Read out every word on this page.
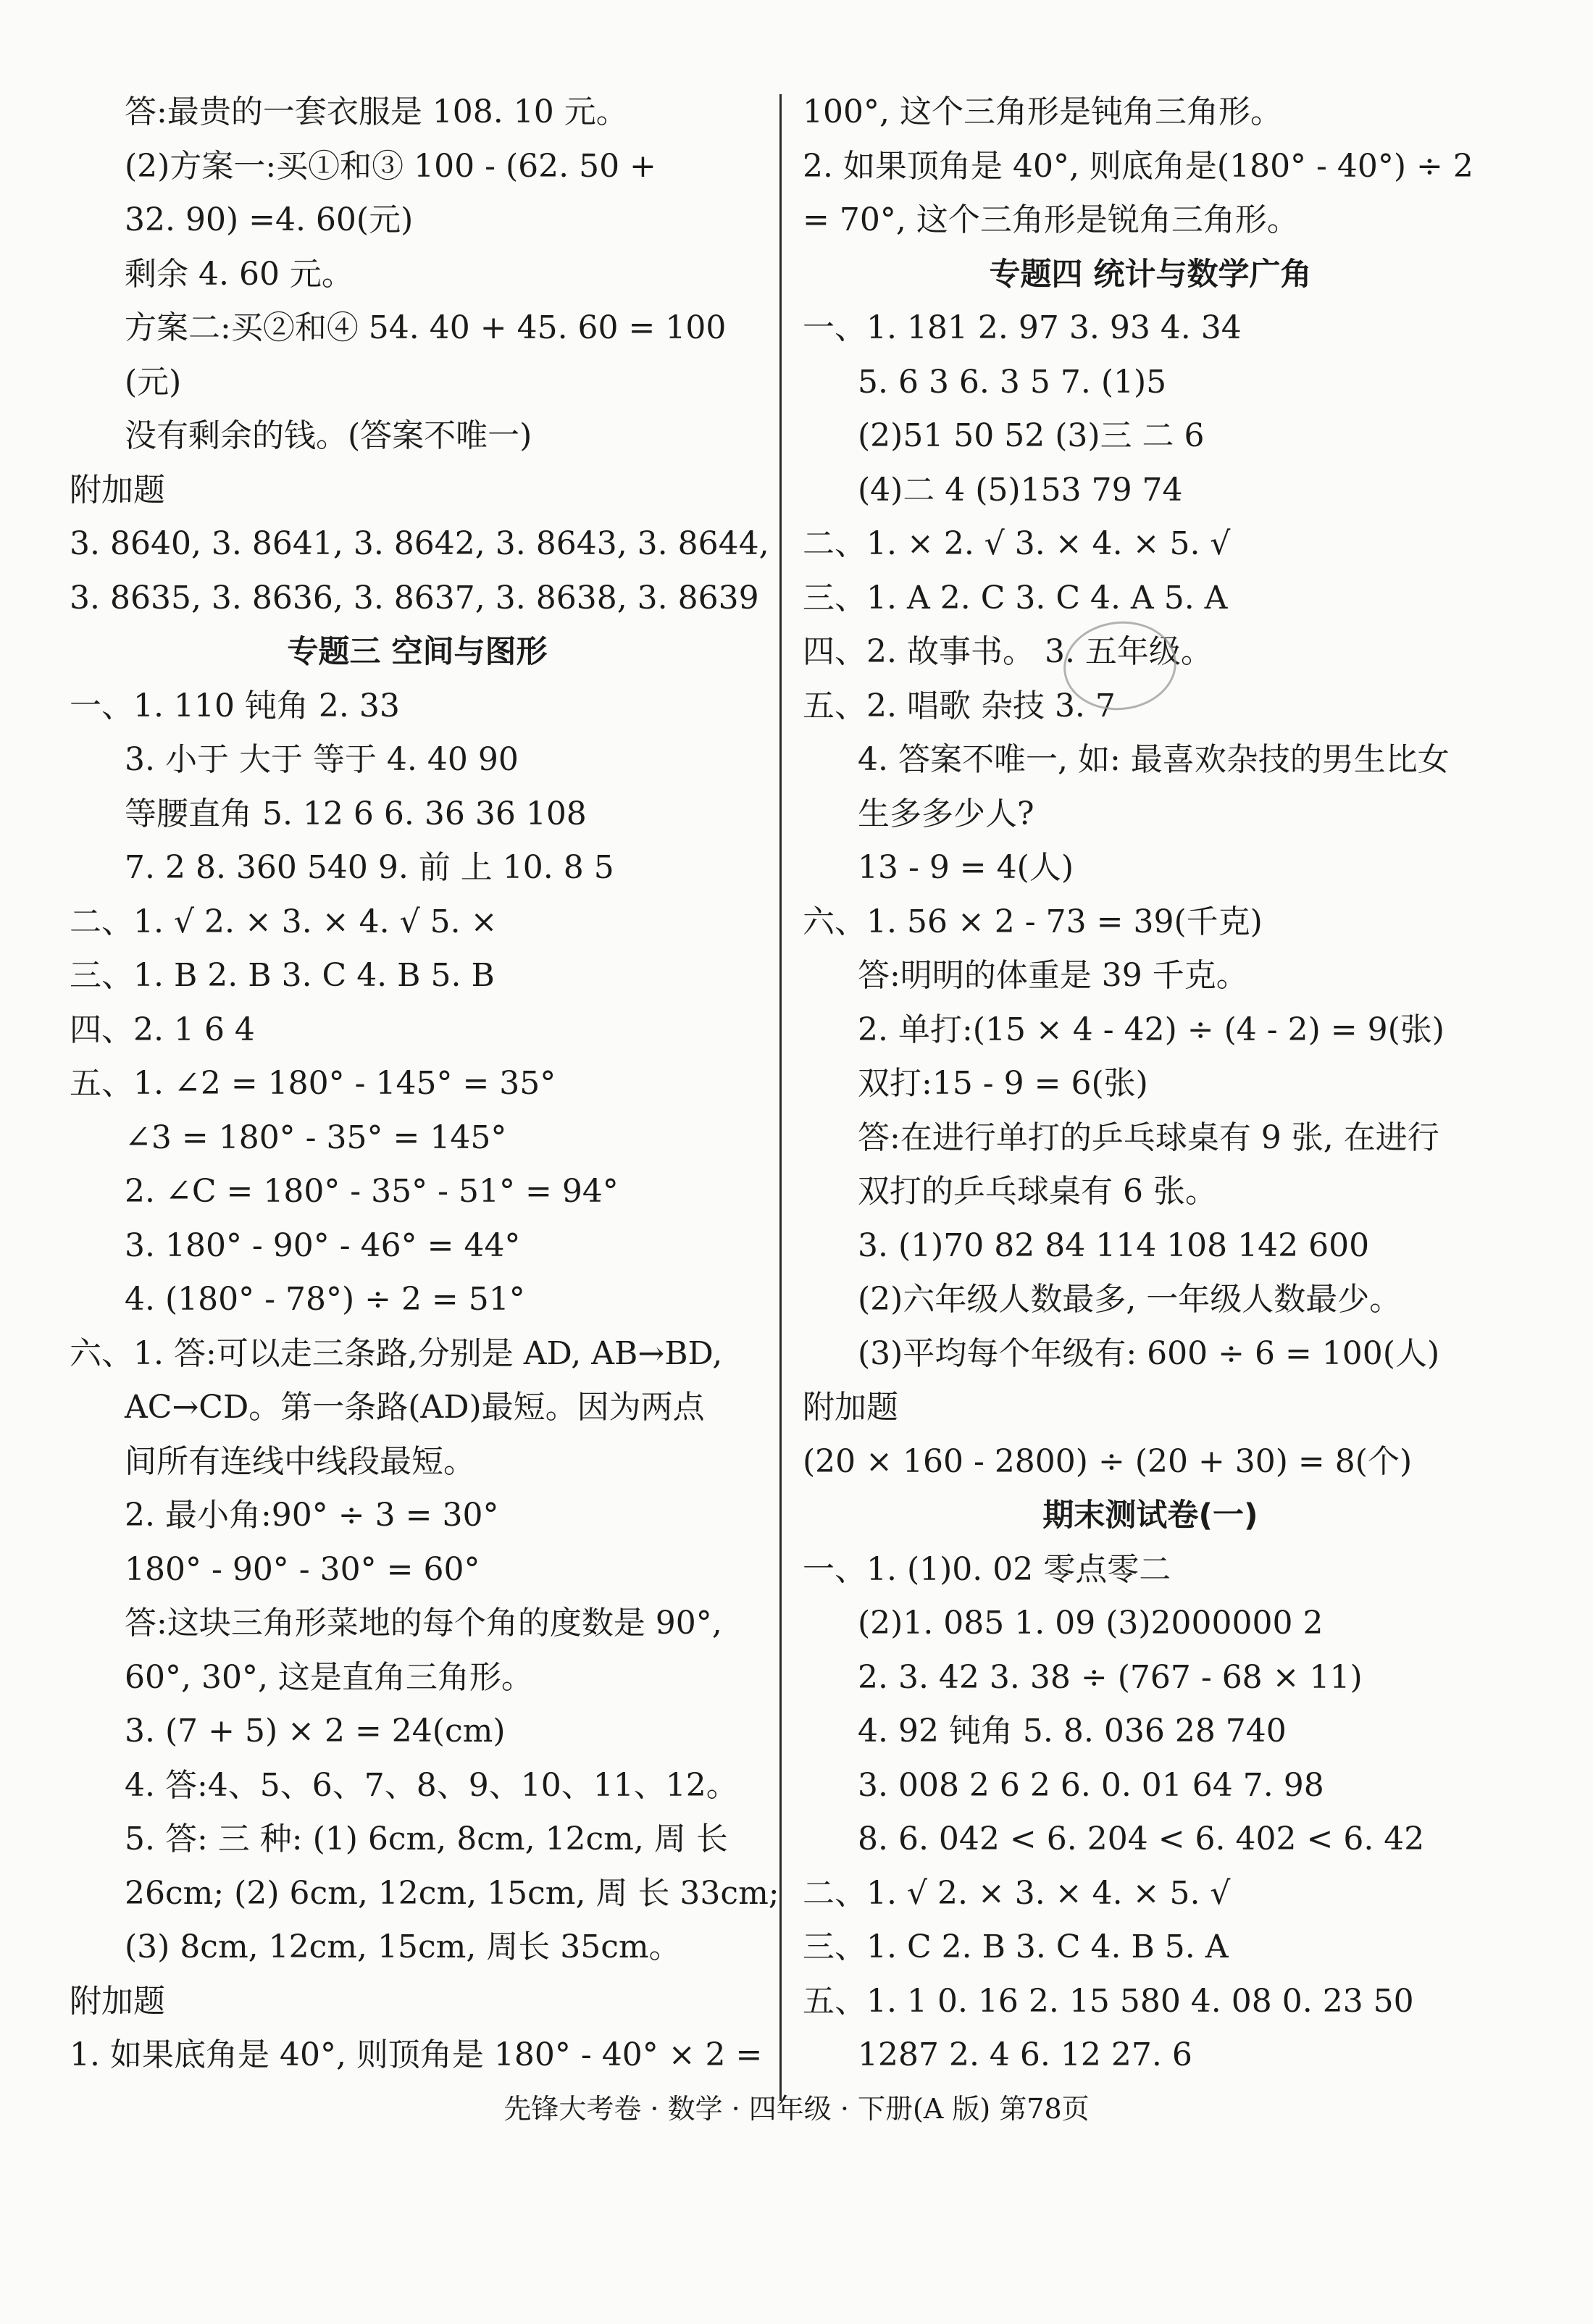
答:最贵的一套衣服是 108. 10 元。
(2)方案一:买①和③ 100 - (62. 50 +
32. 90) =4. 60(元)
剩余 4. 60 元。
方案二:买②和④ 54. 40 + 45. 60 = 100
(元)
没有剩余的钱。(答案不唯一)
附加题
3. 8640, 3. 8641, 3. 8642, 3. 8643, 3. 8644,
3. 8635, 3. 8636, 3. 8637, 3. 8638, 3. 8639
专题三 空间与图形
一、1. 110 钝角 2. 33
3. 小于 大于 等于 4. 40 90
等腰直角 5. 12 6 6. 36 36 108
7. 2 8. 360 540 9. 前 上 10. 8 5
二、1. √ 2. × 3. × 4. √ 5. ×
三、1. B 2. B 3. C 4. B 5. B
四、2. 1 6 4
五、1. ∠2 = 180° - 145° = 35°
∠3 = 180° - 35° = 145°
2. ∠C = 180° - 35° - 51° = 94°
3. 180° - 90° - 46° = 44°
4. (180° - 78°) ÷ 2 = 51°
六、1. 答:可以走三条路,分别是 AD, AB→BD,
AC→CD。第一条路(AD)最短。因为两点
间所有连线中线段最短。
2. 最小角:90° ÷ 3 = 30°
180° - 90° - 30° = 60°
答:这块三角形菜地的每个角的度数是 90°,
60°, 30°, 这是直角三角形。
3. (7 + 5) × 2 = 24(cm)
4. 答:4、5、6、7、8、9、10、11、12。
5. 答: 三 种: (1) 6cm, 8cm, 12cm, 周 长
26cm; (2) 6cm, 12cm, 15cm, 周 长 33cm;
(3) 8cm, 12cm, 15cm, 周长 35cm。
附加题
1. 如果底角是 40°, 则顶角是 180° - 40° × 2 =
100°, 这个三角形是钝角三角形。
2. 如果顶角是 40°, 则底角是(180° - 40°) ÷ 2
= 70°, 这个三角形是锐角三角形。
专题四 统计与数学广角
一、1. 181 2. 97 3. 93 4. 34
5. 6 3 6. 3 5 7. (1)5
(2)51 50 52 (3)三 二 6
(4)二 4 (5)153 79 74
二、1. × 2. √ 3. × 4. × 5. √
三、1. A 2. C 3. C 4. A 5. A
四、2. 故事书。 3. 五年级。
五、2. 唱歌 杂技 3. 7
4. 答案不唯一, 如: 最喜欢杂技的男生比女
生多多少人?
13 - 9 = 4(人)
六、1. 56 × 2 - 73 = 39(千克)
答:明明的体重是 39 千克。
2. 单打:(15 × 4 - 42) ÷ (4 - 2) = 9(张)
双打:15 - 9 = 6(张)
答:在进行单打的乒乓球桌有 9 张, 在进行
双打的乒乓球桌有 6 张。
3. (1)70 82 84 114 108 142 600
(2)六年级人数最多, 一年级人数最少。
(3)平均每个年级有: 600 ÷ 6 = 100(人)
附加题
(20 × 160 - 2800) ÷ (20 + 30) = 8(个)
期末测试卷(一)
一、1. (1)0. 02 零点零二
(2)1. 085 1. 09 (3)2000000 2
2. 3. 42 3. 38 ÷ (767 - 68 × 11)
4. 92 钝角 5. 8. 036 28 740
3. 008 2 6 2 6. 0. 01 64 7. 98
8. 6. 042 < 6. 204 < 6. 402 < 6. 42
二、1. √ 2. × 3. × 4. × 5. √
三、1. C 2. B 3. C 4. B 5. A
五、1. 1 0. 16 2. 15 580 4. 08 0. 23 50
1287 2. 4 6. 12 27. 6
先锋大考卷 · 数学 · 四年级 · 下册(A 版) 第78页
